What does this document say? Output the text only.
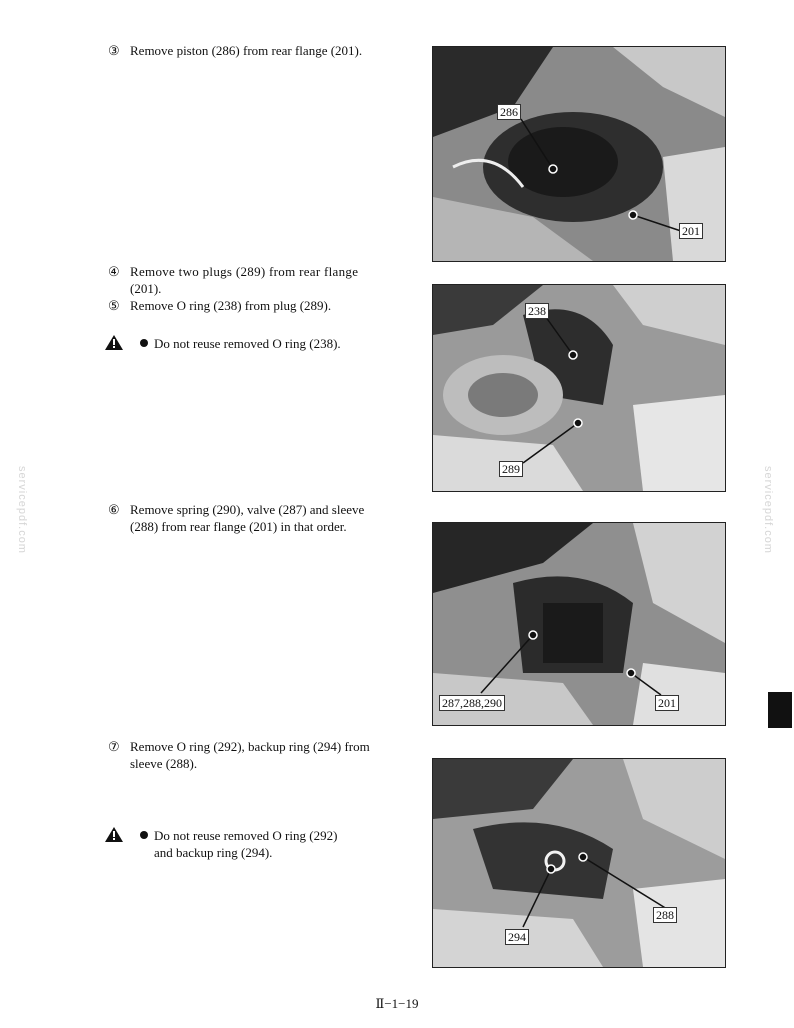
servicepdf.com	servicepdf.com
③ Remove piston (286) from rear flange (201).
④ Remove two plugs (289) from rear flange
(201).
⑤ Remove O ring (238) from plug (289).
Do not reuse removed O ring (238).
⑥ Remove spring (290), valve (287) and sleeve
(288) from rear flange (201) in that order.
⑦ Remove O ring (292), backup ring (294) from
sleeve (288).
Do not reuse removed O ring (292)
and backup ring (294).
286
201
238
289
287,288,290	201
288
294
Ⅱ−1−19
